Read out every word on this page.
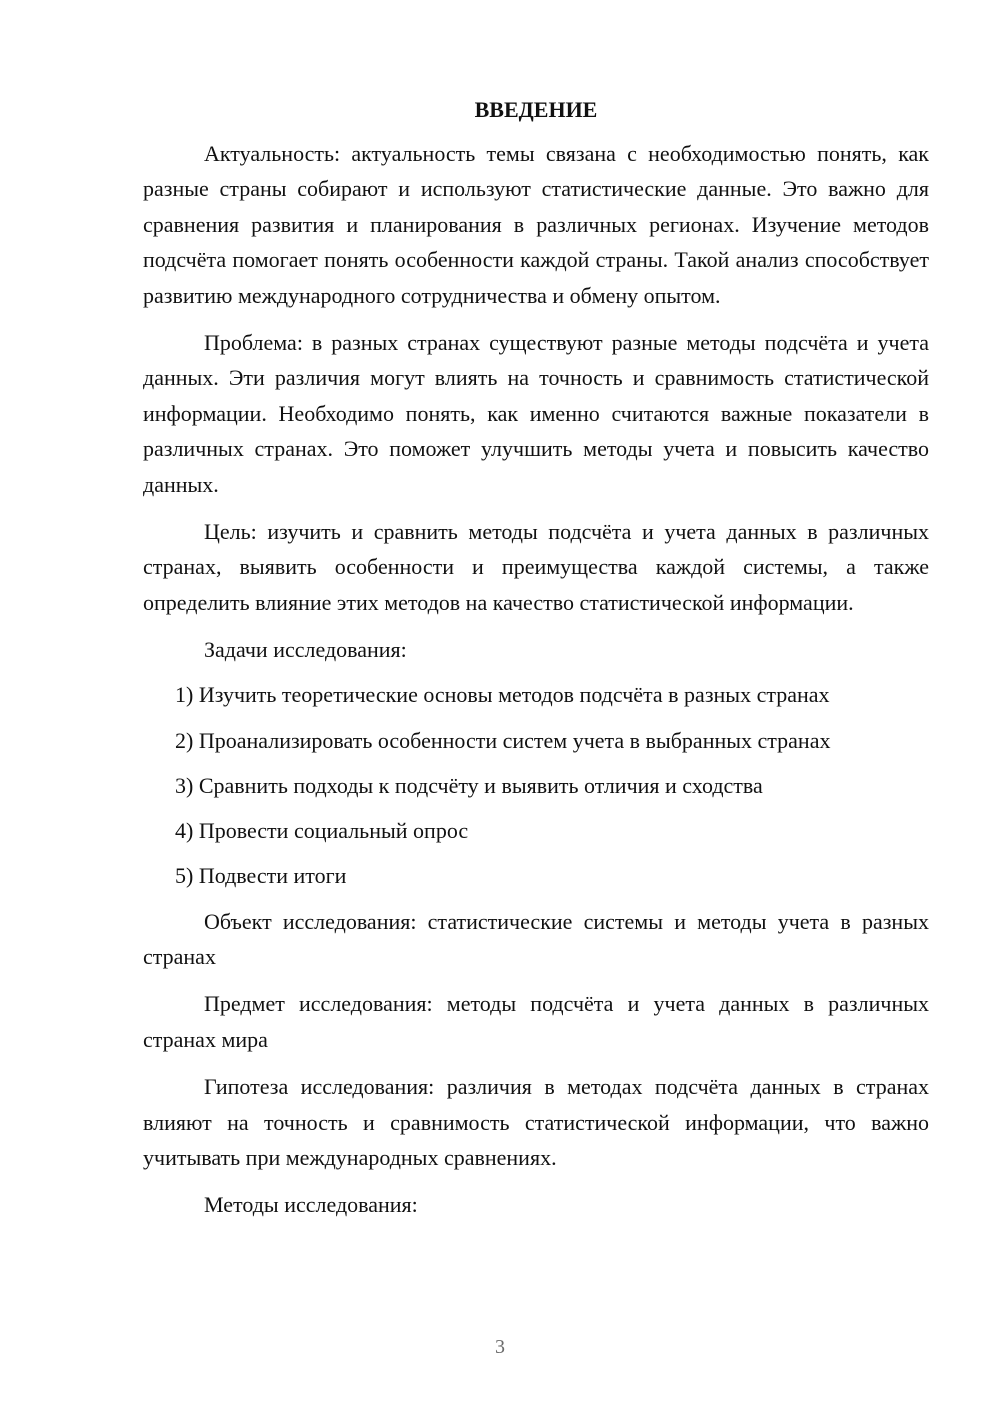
ВВЕДЕНИЕ

Актуальность: актуальность темы связана с необходимостью понять, как разные страны собирают и используют статистические данные. Это важно для сравнения развития и планирования в различных регионах. Изучение методов подсчёта помогает понять особенности каждой страны. Такой анализ способствует развитию международного сотрудничества и обмену опытом.

Проблема: в разных странах существуют разные методы подсчёта и учета данных. Эти различия могут влиять на точность и сравнимость статистической информации. Необходимо понять, как именно считаются важные показатели в различных странах. Это поможет улучшить методы учета и повысить качество данных.

Цель: изучить и сравнить методы подсчёта и учета данных в различных странах, выявить особенности и преимущества каждой системы, а также определить влияние этих методов на качество статистической информации.

Задачи исследования:

1) Изучить теоретические основы методов подсчёта в разных странах
2) Проанализировать особенности систем учета в выбранных странах
3) Сравнить подходы к подсчёту и выявить отличия и сходства
4) Провести социальный опрос
5) Подвести итоги

Объект исследования: статистические системы и методы учета в разных странах

Предмет исследования: методы подсчёта и учета данных в различных странах мира

Гипотеза исследования: различия в методах подсчёта данных в странах влияют на точность и сравнимость статистической информации, что важно учитывать при международных сравнениях.

Методы исследования:

3
